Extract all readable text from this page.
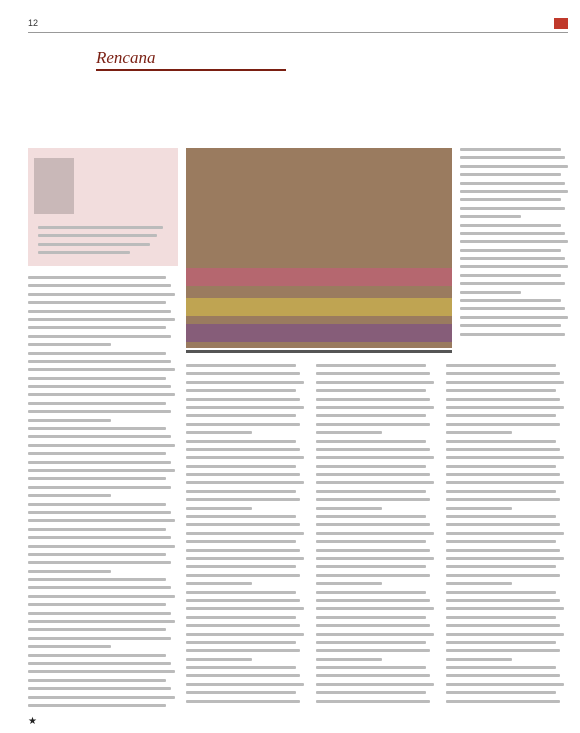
12
Rencana
★
